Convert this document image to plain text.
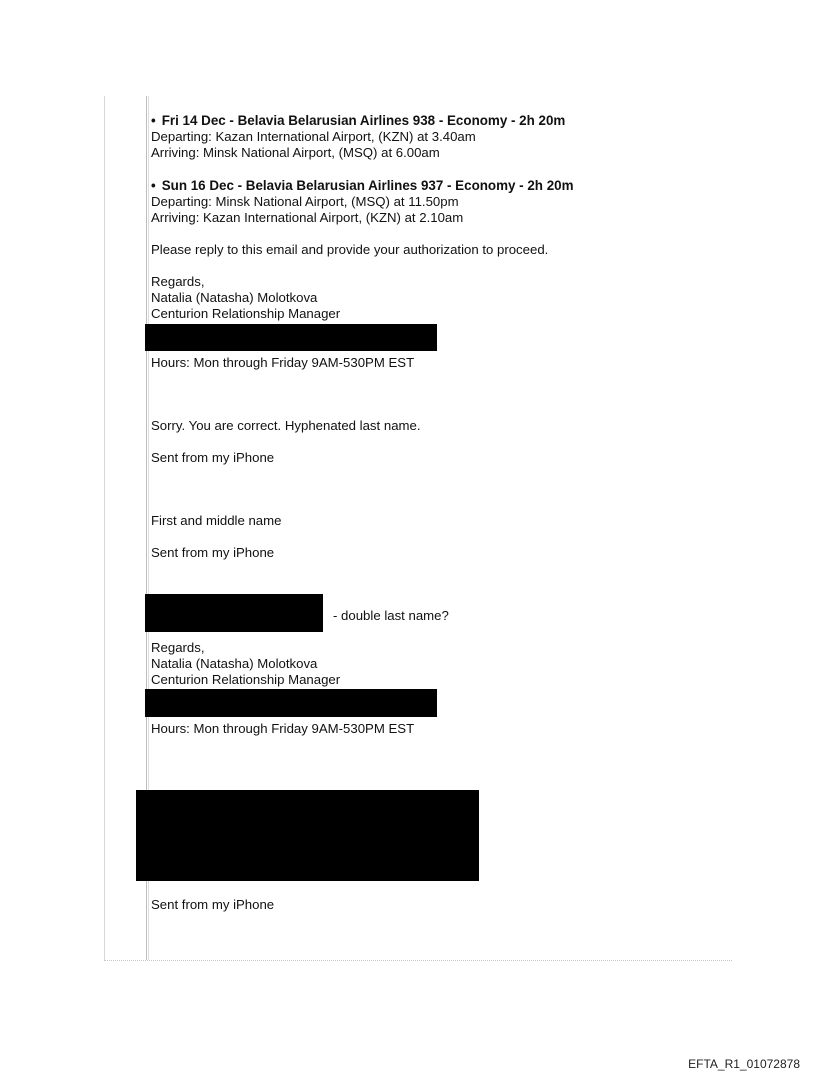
• Fri 14 Dec - Belavia Belarusian Airlines 938 - Economy - 2h 20m
Departing: Kazan International Airport, (KZN) at 3.40am
Arriving: Minsk National Airport, (MSQ) at 6.00am
• Sun 16 Dec - Belavia Belarusian Airlines 937 - Economy - 2h 20m
Departing: Minsk National Airport, (MSQ) at 11.50pm
Arriving: Kazan International Airport, (KZN) at 2.10am
Please reply to this email and provide your authorization to proceed.
Regards,
Natalia (Natasha) Molotkova
Centurion Relationship Manager
Hours: Mon through Friday 9AM-530PM EST
Sorry. You are correct. Hyphenated last name.
Sent from my iPhone
First and middle name
Sent from my iPhone
- double last name?
Regards,
Natalia (Natasha) Molotkova
Centurion Relationship Manager
Hours: Mon through Friday 9AM-530PM EST
Sent from my iPhone
EFTA_R1_01072878
